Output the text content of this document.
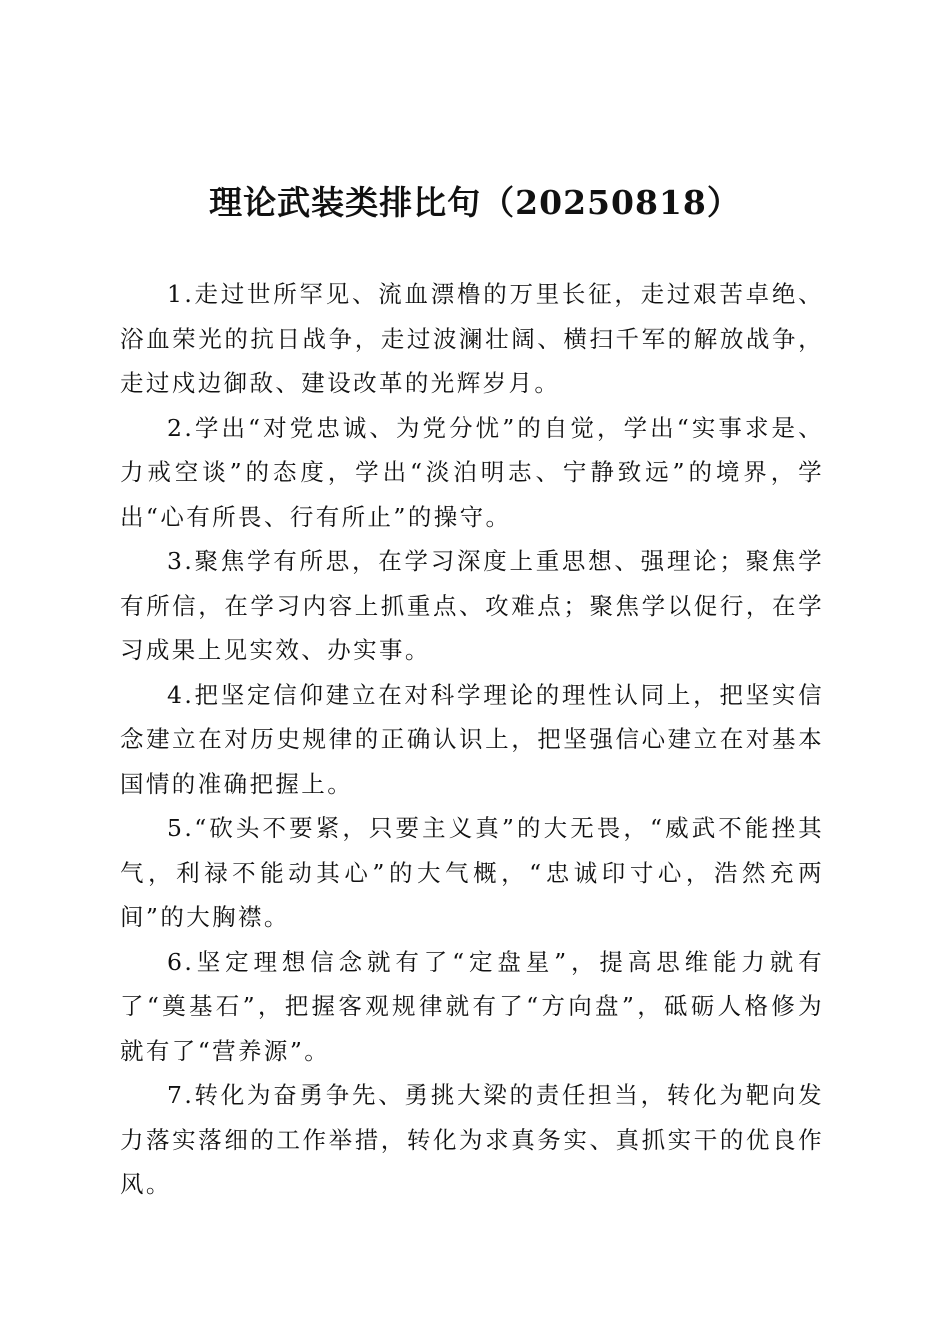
理论武装类排比句（20250818）

1.走过世所罕见、流血漂橹的万里长征，走过艰苦卓绝、浴血荣光的抗日战争，走过波澜壮阔、横扫千军的解放战争，走过戍边御敌、建设改革的光辉岁月。

2.学出“对党忠诚、为党分忧”的自觉，学出“实事求是、力戒空谈”的态度，学出“淡泊明志、宁静致远”的境界，学出“心有所畏、行有所止”的操守。

3.聚焦学有所思，在学习深度上重思想、强理论；聚焦学有所信，在学习内容上抓重点、攻难点；聚焦学以促行，在学习成果上见实效、办实事。

4.把坚定信仰建立在对科学理论的理性认同上，把坚实信念建立在对历史规律的正确认识上，把坚强信心建立在对基本国情的准确把握上。

5.“砍头不要紧，只要主义真”的大无畏，“威武不能挫其气，利禄不能动其心”的大气概，“忠诚印寸心，浩然充两间”的大胸襟。

6.坚定理想信念就有了“定盘星”，提高思维能力就有了“奠基石”，把握客观规律就有了“方向盘”，砥砺人格修为就有了“营养源”。

7.转化为奋勇争先、勇挑大梁的责任担当，转化为靶向发力落实落细的工作举措，转化为求真务实、真抓实干的优良作风。
